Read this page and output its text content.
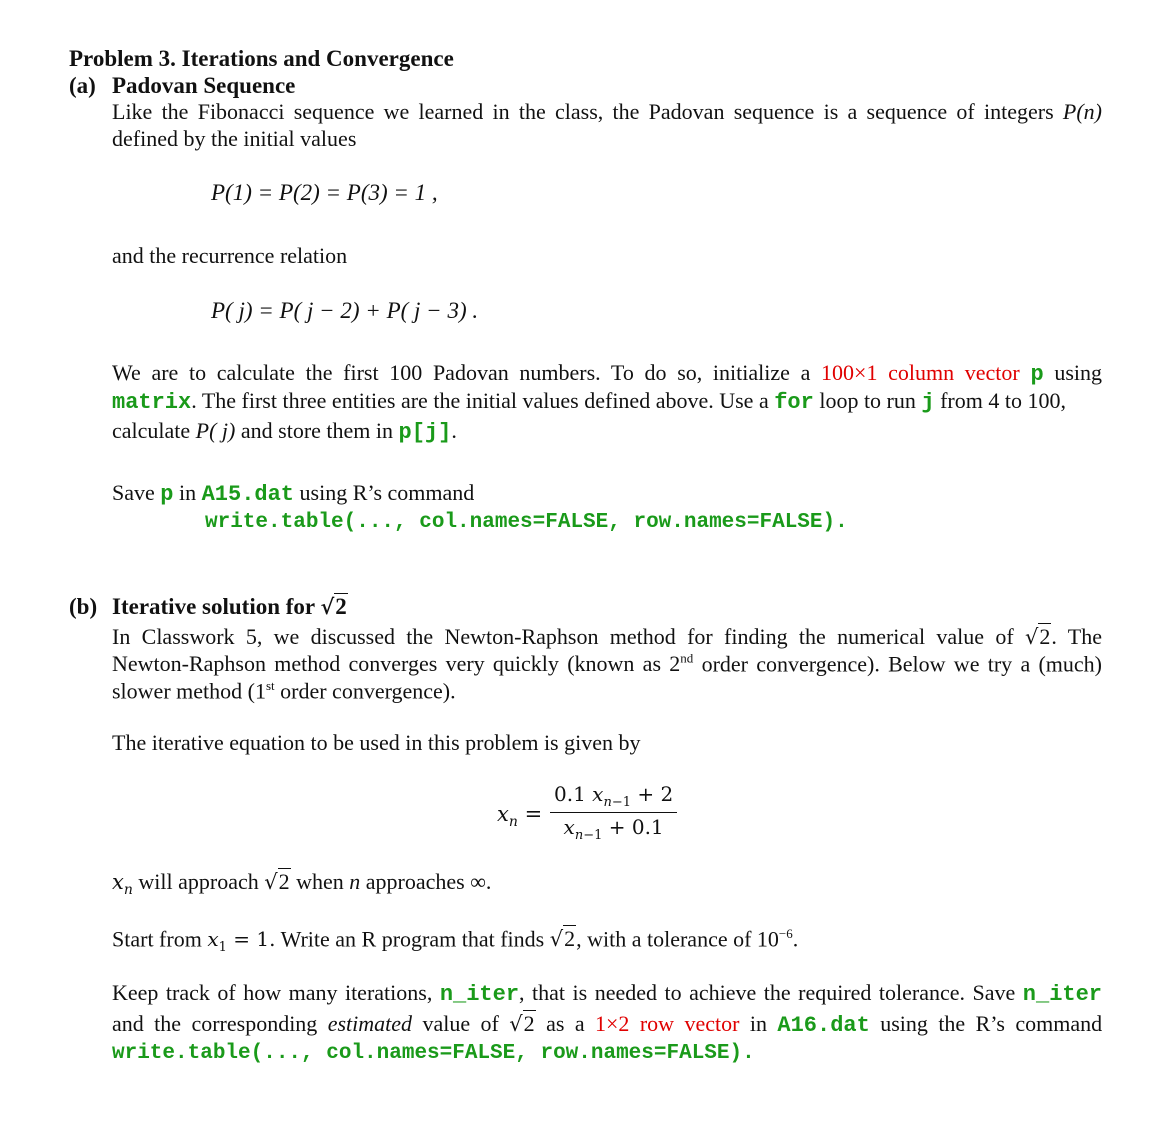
Problem 3. Iterations and Convergence
(a) Padovan Sequence
Like the Fibonacci sequence we learned in the class, the Padovan sequence is a sequence of integers P(n)
defined by the initial values
P(1) = P(2) = P(3) = 1 ,
and the recurrence relation
P( j) = P( j − 2) + P( j − 3) .
We are to calculate the first 100 Padovan numbers. To do so, initialize a 100×1 column vector p using
matrix. The first three entities are the initial values defined above. Use a for loop to run j from 4 to 100,
calculate P( j) and store them in p[j].
Save p in A15.dat using R’s command
write.table(..., col.names=FALSE, row.names=FALSE).
(b) Iterative solution for √2
In Classwork 5, we discussed the Newton-Raphson method for finding the numerical value of √2. The
Newton-Raphson method converges very quickly (known as 2nd order convergence). Below we try a (much)
slower method (1st order convergence).
The iterative equation to be used in this problem is given by
$x_n = \frac{0.1 x_{n-1} + 2}{x_{n-1} + 0.1}$
$x_n$ will approach √2 when n approaches ∞.
Start from $x_1 = 1$. Write an R program that finds √2, with a tolerance of $10^{-6}$.
Keep track of how many iterations, n_iter, that is needed to achieve the required tolerance. Save n_iter
and the corresponding estimated value of √2 as a 1×2 row vector in A16.dat using the R’s command
write.table(..., col.names=FALSE, row.names=FALSE).
